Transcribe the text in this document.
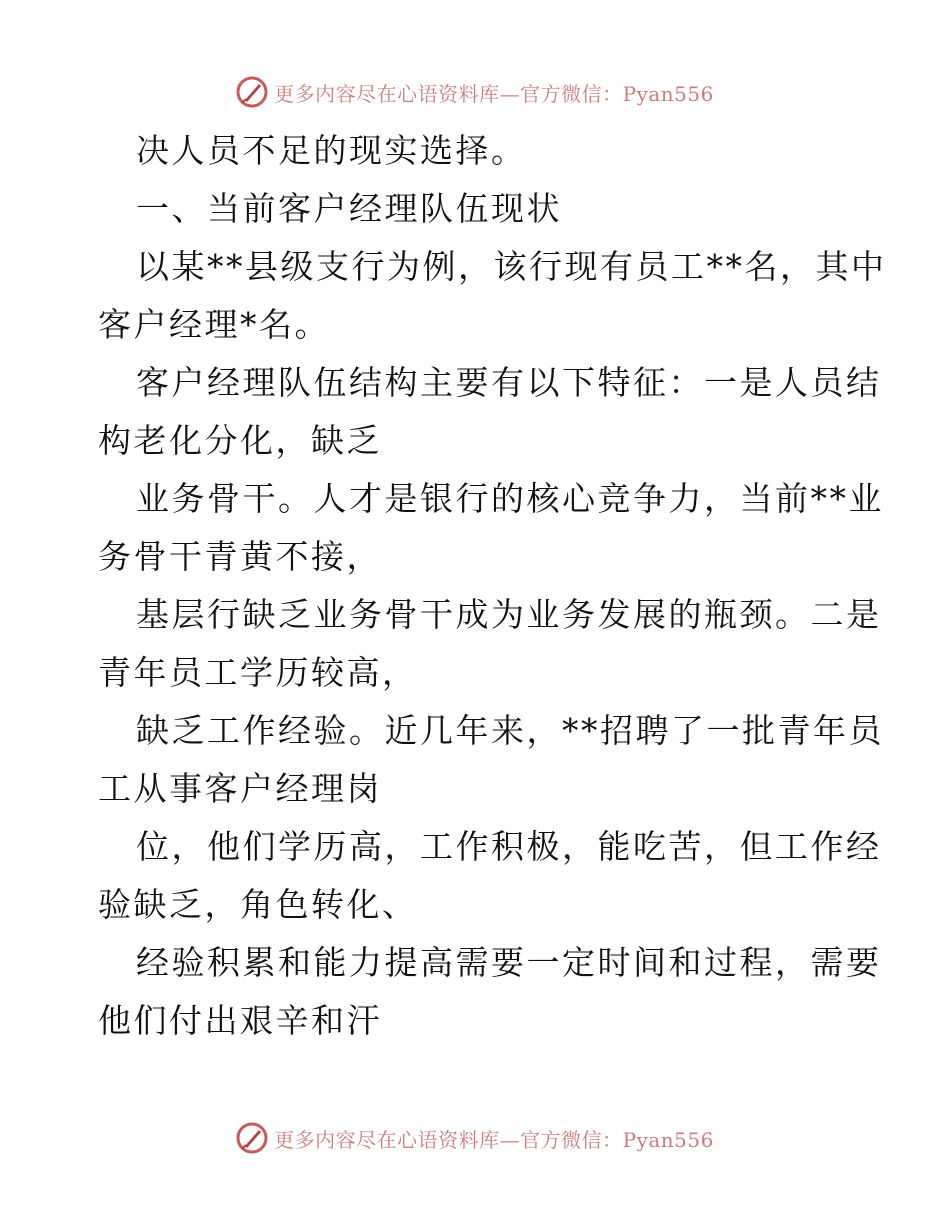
更多内容尽在心语资料库—官方微信：Pyan556
决人员不足的现实选择。
一、当前客户经理队伍现状
以某**县级支行为例，该行现有员工**名，其中
客户经理*名。
客户经理队伍结构主要有以下特征：一是人员结
构老化分化，缺乏
业务骨干。人才是银行的核心竞争力，当前**业
务骨干青黄不接，
基层行缺乏业务骨干成为业务发展的瓶颈。二是
青年员工学历较高，
缺乏工作经验。近几年来，**招聘了一批青年员
工从事客户经理岗
位，他们学历高，工作积极，能吃苦，但工作经
验缺乏，角色转化、
经验积累和能力提高需要一定时间和过程，需要
他们付出艰辛和汗
更多内容尽在心语资料库—官方微信：Pyan556
